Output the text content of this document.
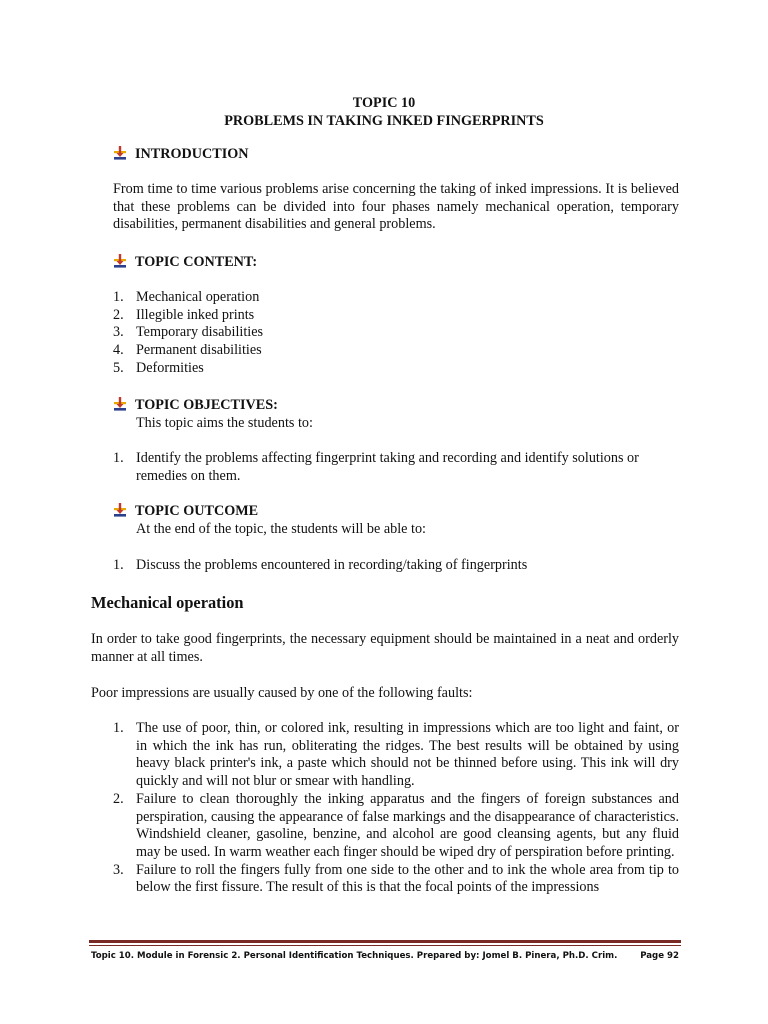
TOPIC 10
PROBLEMS IN TAKING INKED FINGERPRINTS
INTRODUCTION
From time to time various problems arise concerning the taking of inked impressions. It is believed that these problems can be divided into four phases namely mechanical operation, temporary disabilities, permanent disabilities and general problems.
TOPIC CONTENT:
1. Mechanical operation
2. Illegible inked prints
3. Temporary disabilities
4. Permanent disabilities
5. Deformities
TOPIC OBJECTIVES:
This topic aims the students to:
1. Identify the problems affecting fingerprint taking and recording and identify solutions or remedies on them.
TOPIC OUTCOME
At the end of the topic, the students will be able to:
1. Discuss the problems encountered in recording/taking of fingerprints
Mechanical operation
In order to take good fingerprints, the necessary equipment should be maintained in a neat and orderly manner at all times.
Poor impressions are usually caused by one of the following faults:
1. The use of poor, thin, or colored ink, resulting in impressions which are too light and faint, or in which the ink has run, obliterating the ridges. The best results will be obtained by using heavy black printer's ink, a paste which should not be thinned before using. This ink will dry quickly and will not blur or smear with handling.
2. Failure to clean thoroughly the inking apparatus and the fingers of foreign substances and perspiration, causing the appearance of false markings and the disappearance of characteristics. Windshield cleaner, gasoline, benzine, and alcohol are good cleansing agents, but any fluid may be used. In warm weather each finger should be wiped dry of perspiration before printing.
3. Failure to roll the fingers fully from one side to the other and to ink the whole area from tip to below the first fissure. The result of this is that the focal points of the impressions
Topic 10. Module in Forensic 2. Personal Identification Techniques. Prepared by: Jomel B. Pinera, Ph.D. Crim.	Page 92
